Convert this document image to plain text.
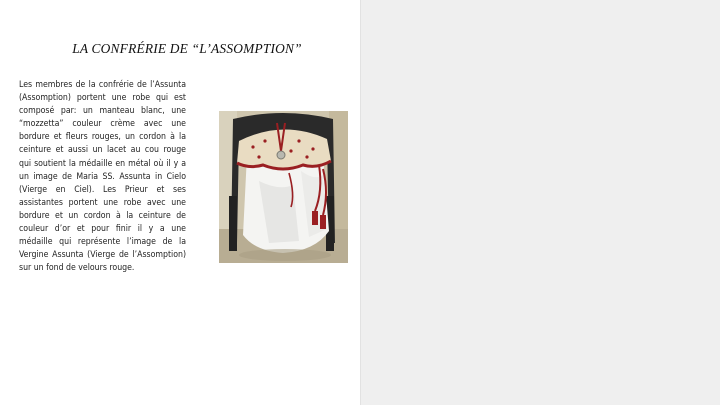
LA CONFRÉRIE DE “L’ASSOMPTION”
Les membres de la confrérie de l’Assunta (Assomption) portent une robe qui est composé par: un manteau blanc, une “mozzetta” couleur crème avec une bordure et fleurs rouges, un cordon à la ceinture et aussi un lacet au cou rouge qui soutient la médaille en métal où il y a un image de Maria SS. Assunta in Cielo (Vierge en Ciel). Les Prieur et ses assistantes portent une robe avec une bordure et un cordon à la ceinture de couleur d’or et pour finir il y a une médaille qui représente l’image de la Vergine Assunta (Vierge de l’Assomption) sur un fond de velours rouge.
